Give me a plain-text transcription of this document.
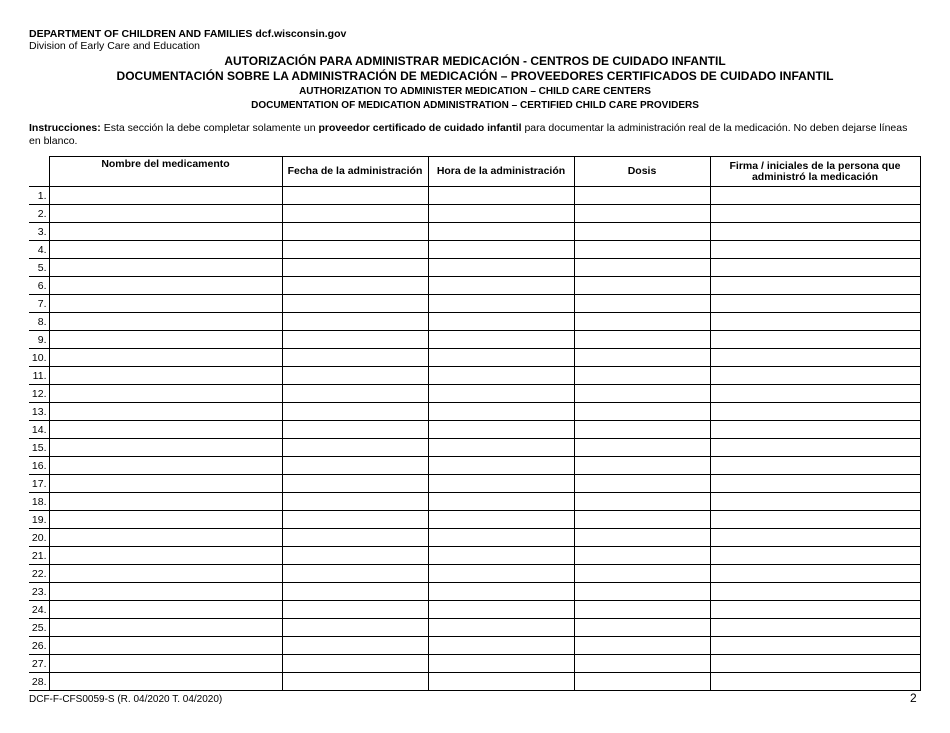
DEPARTMENT OF CHILDREN AND FAMILIES dcf.wisconsin.gov
Division of Early Care and Education
AUTORIZACIÓN PARA ADMINISTRAR MEDICACIÓN - CENTROS DE CUIDADO INFANTIL
DOCUMENTACIÓN SOBRE LA ADMINISTRACIÓN DE MEDICACIÓN – PROVEEDORES CERTIFICADOS DE CUIDADO INFANTIL
AUTHORIZATION TO ADMINISTER MEDICATION – CHILD CARE CENTERS
DOCUMENTATION OF MEDICATION ADMINISTRATION – CERTIFIED CHILD CARE PROVIDERS
Instrucciones: Esta sección la debe completar solamente un proveedor certificado de cuidado infantil para documentar la administración real de la medicación. No deben dejarse líneas en blanco.
	Nombre del medicamento	Fecha de la administración	Hora de la administración	Dosis	Firma / iniciales de la persona que administró la medicación
1.					
2.					
3.					
4.					
5.					
6.					
7.					
8.					
9.					
10.					
11.					
12.					
13.					
14.					
15.					
16.					
17.					
18.					
19.					
20.					
21.					
22.					
23.					
24.					
25.					
26.					
27.					
28.					
DCF-F-CFS0059-S (R. 04/2020 T. 04/2020)	2
